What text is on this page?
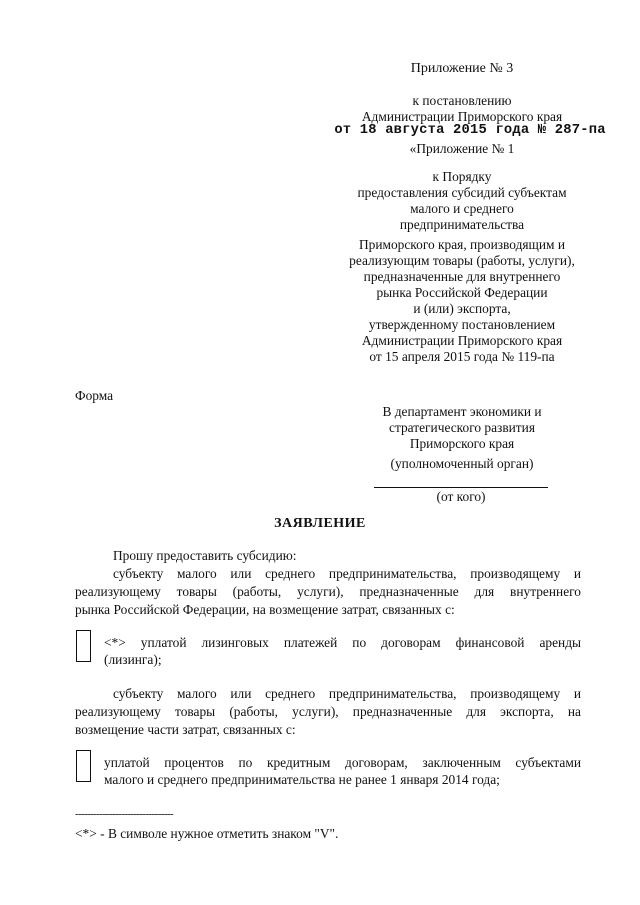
Приложение № 3
к постановлению
Администрации Приморского края
от 18 августа 2015 года № 287-па
«Приложение № 1
к Порядку
предоставления субсидий субъектам
малого и среднего
предпринимательства
Приморского края, производящим и
реализующим товары (работы, услуги),
предназначенные для внутреннего
рынка Российской Федерации
и (или) экспорта,
утвержденному постановлением
Администрации Приморского края
от 15 апреля 2015 года № 119-па
Форма
В департамент экономики и
стратегического развития
Приморского края
(уполномоченный орган)
(от кого)
ЗАЯВЛЕНИЕ
Прошу предоставить субсидию:
субъекту малого или среднего предпринимательства, производящему и
реализующему товары (работы, услуги), предназначенные для внутреннего
рынка Российской Федерации, на возмещение затрат, связанных с:
<*> уплатой лизинговых платежей по договорам финансовой аренды
(лизинга);
субъекту малого или среднего предпринимательства, производящему и
реализующему товары (работы, услуги), предназначенные для экспорта, на
возмещение части затрат, связанных с:
уплатой процентов по кредитным договорам, заключенным субъектами
малого и среднего предпринимательства не ранее 1 января 2014 года;
--------------------------------
<*> - В символе нужное отметить знаком "V".
